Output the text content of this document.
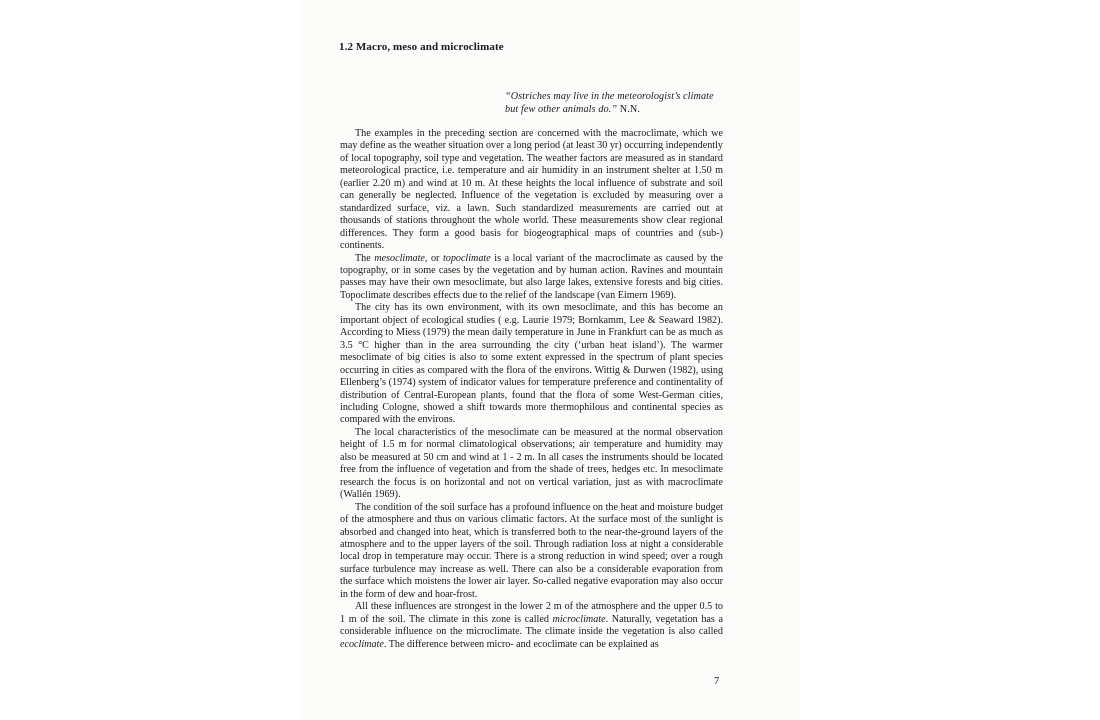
1.2 Macro, meso and microclimate
“Ostriches may live in the meteorologist’s climate
but few other animals do.” N.N.

The examples in the preceding section are concerned with the macroclimate, which we may define as the weather situation over a long period (at least 30 yr) occurring independently of local topography, soil type and vegetation. The weather factors are measured as in standard meteorological practice, i.e. temperature and air humidity in an instrument shelter at 1.50 m (earlier 2.20 m) and wind at 10 m. At these heights the local influence of substrate and soil can generally be neglected. Influence of the vegetation is excluded by measuring over a standardized surface, viz. a lawn. Such standardized measurements are carried out at thousands of stations throughout the whole world. These measurements show clear regional differences. They form a good basis for biogeographical maps of countries and (sub-) continents.

The mesoclimate, or topoclimate is a local variant of the macroclimate as caused by the topography, or in some cases by the vegetation and by human action. Ravines and mountain passes may have their own mesoclimate, but also large lakes, extensive forests and big cities. Topoclimate describes effects due to the relief of the landscape (van Eimern 1969).

The city has its own environment, with its own mesoclimate, and this has become an important object of ecological studies ( e.g. Laurie 1979; Bornkamm, Lee & Seaward 1982). According to Miess (1979) the mean daily temperature in June in Frankfurt can be as much as 3.5 °C higher than in the area surrounding the city (‘urban heat island’). The warmer mesoclimate of big cities is also to some extent expressed in the spectrum of plant species occurring in cities as compared with the flora of the environs. Wittig & Durwen (1982), using Ellenberg’s (1974) system of indicator values for temperature preference and continentality of distribution of Central-European plants, found that the flora of some West-German cities, including Cologne, showed a shift towards more thermophilous and continental species as compared with the environs.

The local characteristics of the mesoclimate can be measured at the normal observation height of 1.5 m for normal climatological observations; air temperature and humidity may also be measured at 50 cm and wind at 1 - 2 m. In all cases the instruments should be located free from the influence of vegetation and from the shade of trees, hedges etc. In mesoclimate research the focus is on horizontal and not on vertical variation, just as with macroclimate (Wallén 1969).

The condition of the soil surface has a profound influence on the heat and moisture budget of the atmosphere and thus on various climatic factors. At the surface most of the sunlight is absorbed and changed into heat, which is transferred both to the near-the-ground layers of the atmosphere and to the upper layers of the soil. Through radiation loss at night a considerable local drop in temperature may occur. There is a strong reduction in wind speed; over a rough surface turbulence may increase as well. There can also be a considerable evaporation from the surface which moistens the lower air layer. So-called negative evaporation may also occur in the form of dew and hoar-frost.

All these influences are strongest in the lower 2 m of the atmosphere and the upper 0.5 to 1 m of the soil. The climate in this zone is called microclimate. Naturally, vegetation has a considerable influence on the microclimate. The climate inside the vegetation is also called ecoclimate. The difference between micro- and ecoclimate can be explained as

7
